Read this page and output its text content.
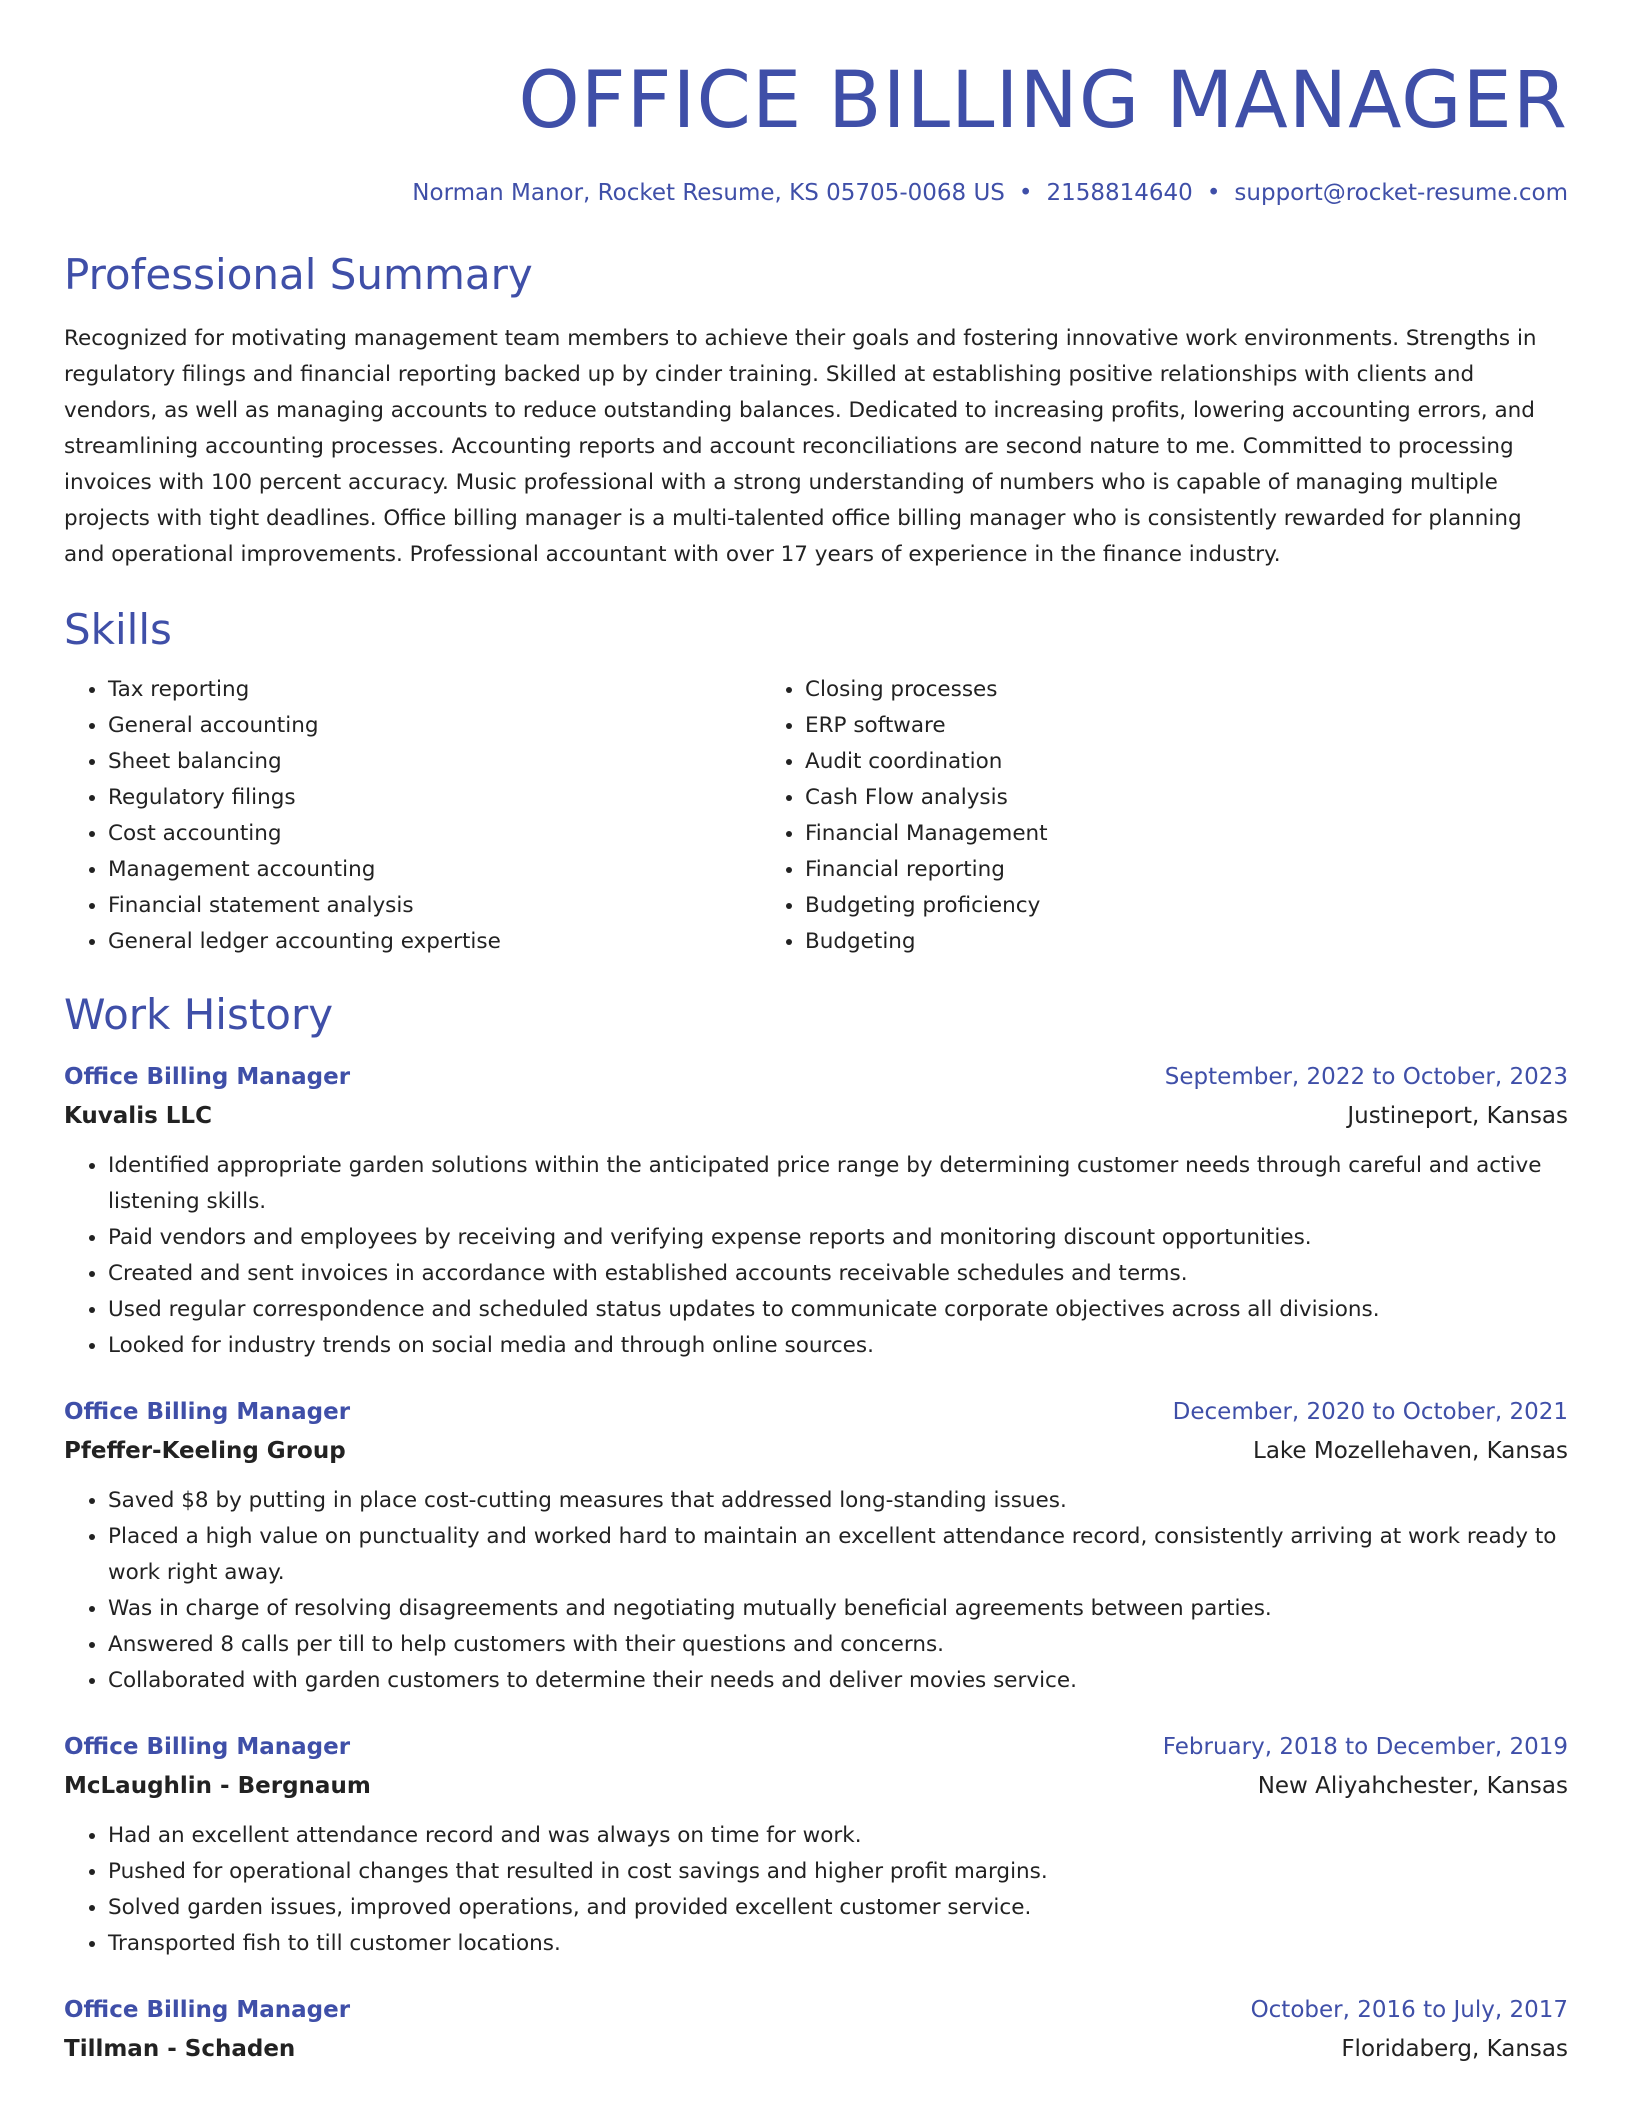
OFFICE BILLING MANAGER
Norman Manor, Rocket Resume, KS 05705-0068 US • 2158814640 • support@rocket-resume.com
Professional Summary
Recognized for motivating management team members to achieve their goals and fostering innovative work environments. Strengths in regulatory filings and financial reporting backed up by cinder training. Skilled at establishing positive relationships with clients and vendors, as well as managing accounts to reduce outstanding balances. Dedicated to increasing profits, lowering accounting errors, and streamlining accounting processes. Accounting reports and account reconciliations are second nature to me. Committed to processing invoices with 100 percent accuracy. Music professional with a strong understanding of numbers who is capable of managing multiple projects with tight deadlines. Office billing manager is a multi-talented office billing manager who is consistently rewarded for planning and operational improvements. Professional accountant with over 17 years of experience in the finance industry.
Skills
• Tax reporting
• General accounting
• Sheet balancing
• Regulatory filings
• Cost accounting
• Management accounting
• Financial statement analysis
• General ledger accounting expertise
• Closing processes
• ERP software
• Audit coordination
• Cash Flow analysis
• Financial Management
• Financial reporting
• Budgeting proficiency
• Budgeting
Work History
Office Billing Manager	September, 2022 to October, 2023
Kuvalis LLC	Justineport, Kansas
• Identified appropriate garden solutions within the anticipated price range by determining customer needs through careful and active listening skills.
• Paid vendors and employees by receiving and verifying expense reports and monitoring discount opportunities.
• Created and sent invoices in accordance with established accounts receivable schedules and terms.
• Used regular correspondence and scheduled status updates to communicate corporate objectives across all divisions.
• Looked for industry trends on social media and through online sources.
Office Billing Manager	December, 2020 to October, 2021
Pfeffer-Keeling Group	Lake Mozellehaven, Kansas
• Saved $8 by putting in place cost-cutting measures that addressed long-standing issues.
• Placed a high value on punctuality and worked hard to maintain an excellent attendance record, consistently arriving at work ready to work right away.
• Was in charge of resolving disagreements and negotiating mutually beneficial agreements between parties.
• Answered 8 calls per till to help customers with their questions and concerns.
• Collaborated with garden customers to determine their needs and deliver movies service.
Office Billing Manager	February, 2018 to December, 2019
McLaughlin - Bergnaum	New Aliyahchester, Kansas
• Had an excellent attendance record and was always on time for work.
• Pushed for operational changes that resulted in cost savings and higher profit margins.
• Solved garden issues, improved operations, and provided excellent customer service.
• Transported fish to till customer locations.
Office Billing Manager	October, 2016 to July, 2017
Tillman - Schaden	Floridaberg, Kansas
